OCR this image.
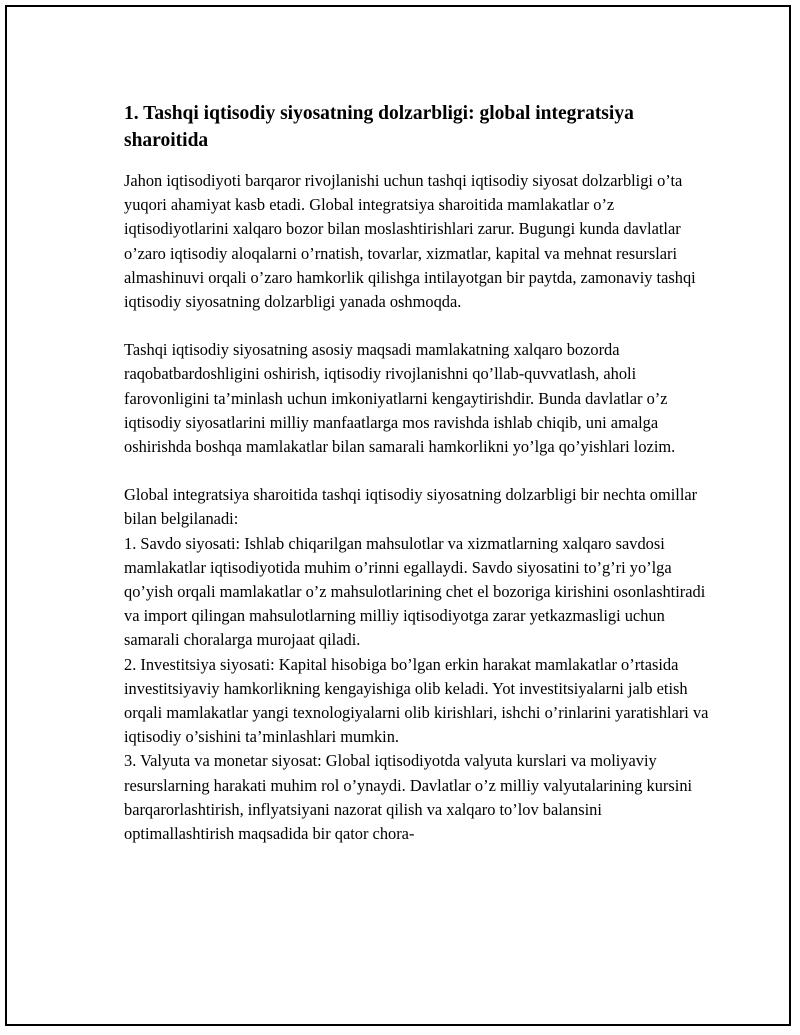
1. Tashqi iqtisodiy siyosatning dolzarbligi: global integratsiya sharoitida

Jahon iqtisodiyoti barqaror rivojlanishi uchun tashqi iqtisodiy siyosat dolzarbligi o’ta yuqori ahamiyat kasb etadi. Global integratsiya sharoitida mamlakatlar o’z iqtisodiyotlarini xalqaro bozor bilan moslashtirishlari zarur. Bugungi kunda davlatlar o’zaro iqtisodiy aloqalarni o’rnatish, tovarlar, xizmatlar, kapital va mehnat resurslari almashinuvi orqali o’zaro hamkorlik qilishga intilayotgan bir paytda, zamonaviy tashqi iqtisodiy siyosatning dolzarbligi yanada oshmoqda.

Tashqi iqtisodiy siyosatning asosiy maqsadi mamlakatning xalqaro bozorda raqobatbardoshligini oshirish, iqtisodiy rivojlanishni qo’llab-quvvatlash, aholi farovonligini ta’minlash uchun imkoniyatlarni kengaytirishdir. Bunda davlatlar o’z iqtisodiy siyosatlarini milliy manfaatlarga mos ravishda ishlab chiqib, uni amalga oshirishda boshqa mamlakatlar bilan samarali hamkorlikni yo’lga qo’yishlari lozim.

Global integratsiya sharoitida tashqi iqtisodiy siyosatning dolzarbligi bir nechta omillar bilan belgilanadi:

1. Savdo siyosati: Ishlab chiqarilgan mahsulotlar va xizmatlarning xalqaro savdosi mamlakatlar iqtisodiyotida muhim o’rinni egallaydi. Savdo siyosatini to’g’ri yo’lga qo’yish orqali mamlakatlar o’z mahsulotlarining chet el bozoriga kirishini osonlashtiradi va import qilingan mahsulotlarning milliy iqtisodiyotga zarar yetkazmasligi uchun samarali choralarga murojaat qiladi.

2. Investitsiya siyosati: Kapital hisobiga bo’lgan erkin harakat mamlakatlar o’rtasida investitsiyaviy hamkorlikning kengayishiga olib keladi. Yot investitsiyalarni jalb etish orqali mamlakatlar yangi texnologiyalarni olib kirishlari, ishchi o’rinlarini yaratishlari va iqtisodiy o’sishini ta’minlashlari mumkin.

3. Valyuta va monetar siyosat: Global iqtisodiyotda valyuta kurslari va moliyaviy resurslarning harakati muhim rol o’ynaydi. Davlatlar o’z milliy valyutalarining kursini barqarorlashtirish, inflyatsiyani nazorat qilish va xalqaro to’lov balansini optimallashtirish maqsadida bir qator chora-
